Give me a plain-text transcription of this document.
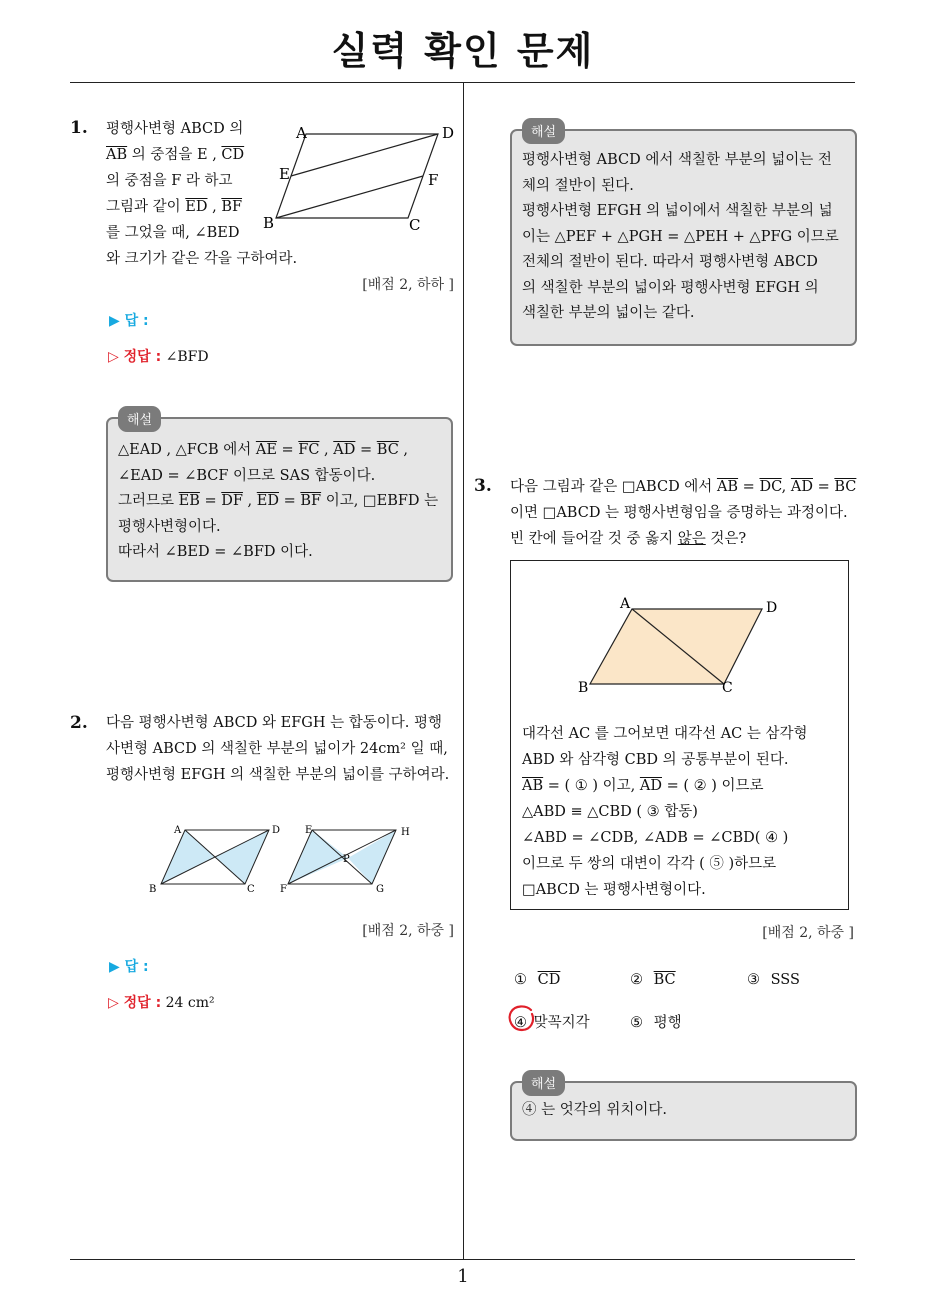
실력 확인 문제
1. 평행사변형 ABCD 의
$\overline{AB}$ 의 중점을 E , $\overline{CD}$
의 중점을 F 라 하고
그림과 같이 $\overline{ED}$ , $\overline{BF}$
를 그었을 때, ∠BED
와 크기가 같은 각을 구하여라.
A	D
E	F
B	C
[배점 2, 하하 ]
▶ 답 :
▷ 정답 : ∠BFD
해설
△EAD , △FCB 에서 $\overline{AE} = \overline{FC}$ , $\overline{AD} = \overline{BC}$ ,
∠EAD = ∠BCF 이므로 SAS 합동이다.
그러므로 $\overline{EB} = \overline{DF}$ , $\overline{ED} = \overline{BF}$ 이고, □EBFD 는
평행사변형이다.
따라서 ∠BED = ∠BFD 이다.
2. 다음 평행사변형 ABCD 와 EFGH 는 합동이다. 평행
사변형 ABCD 의 색칠한 부분의 넓이가 24cm² 일 때,
평행사변형 EFGH 의 색칠한 부분의 넓이를 구하여라.
A	D
B	C
E	H
P
F	G
[배점 2, 하중 ]
▶ 답 :
▷ 정답 : 24 cm²
해설
평행사변형 ABCD 에서 색칠한 부분의 넓이는 전
체의 절반이 된다.
평행사변형 EFGH 의 넓이에서 색칠한 부분의 넓
이는 △PEF + △PGH = △PEH + △PFG 이므로
전체의 절반이 된다. 따라서 평행사변형 ABCD
의 색칠한 부분의 넓이와 평행사변형 EFGH 의
색칠한 부분의 넓이는 같다.
3. 다음 그림과 같은 □ABCD 에서 $\overline{AB} = \overline{DC}$, $\overline{AD} = \overline{BC}$
이면 □ABCD 는 평행사변형임을 증명하는 과정이다.
빈 칸에 들어갈 것 중 옳지 않은 것은?
A	D
B	C
대각선 AC 를 그어보면 대각선 AC 는 삼각형
ABD 와 삼각형 CBD 의 공통부분이 된다.
$\overline{AB}$ = ( ① ) 이고, $\overline{AD}$ = ( ② ) 이므로
△ABD ≡ △CBD ( ③ 합동)
∠ABD = ∠CDB, ∠ADB = ∠CBD( ④ )
이므로 두 쌍의 대변이 각각 ( ⑤ )하므로
□ABCD 는 평행사변형이다.
[배점 2, 하중 ]
① $\overline{CD}$	② $\overline{BC}$	③ SSS
④ 맞꼭지각	⑤ 평행
해설
④ 는 엇각의 위치이다.
1
